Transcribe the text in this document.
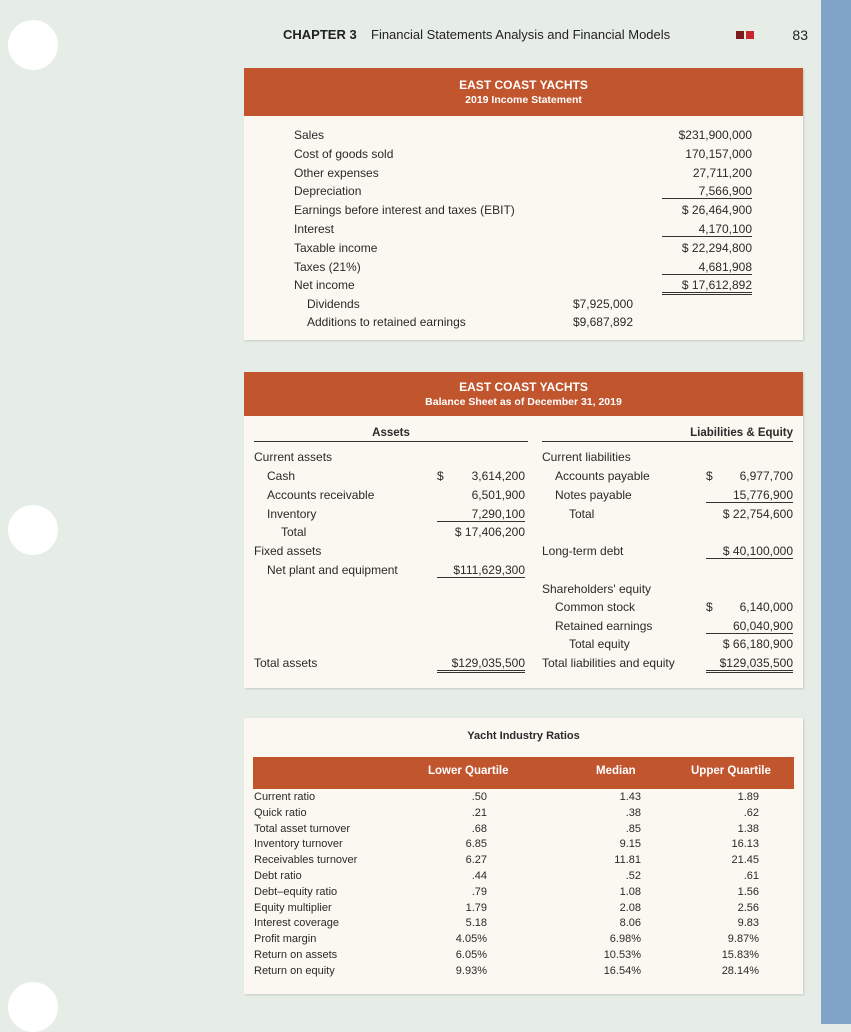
CHAPTER 3 Financial Statements Analysis and Financial Models	83
EAST COAST YACHTS
2019 Income Statement
Sales	$231,900,000
Cost of goods sold	170,157,000
Other expenses	27,711,200
Depreciation	7,566,900
Earnings before interest and taxes (EBIT)	$ 26,464,900
Interest	4,170,100
Taxable income	$ 22,294,800
Taxes (21%)	4,681,908
Net income	$ 17,612,892
Dividends	$7,925,000
Additions to retained earnings	$9,687,892
EAST COAST YACHTS
Balance Sheet as of December 31, 2019
Assets	Liabilities & Equity
Current assets
Cash	$	3,614,200
Accounts receivable	6,501,900
Inventory	7,290,100
Total	$ 17,406,200
Fixed assets
Net plant and equipment	$111,629,300
Total assets	$129,035,500
Current liabilities
Accounts payable	$	6,977,700
Notes payable	15,776,900
Total	$ 22,754,600
Long-term debt	$ 40,100,000
Shareholders' equity
Common stock	$	6,140,000
Retained earnings	60,040,900
Total equity	$ 66,180,900
Total liabilities and equity	$129,035,500
Yacht Industry Ratios
Lower Quartile	Median	Upper Quartile
Current ratio	.50	1.43	1.89
Quick ratio	.21	.38	.62
Total asset turnover	.68	.85	1.38
Inventory turnover	6.85	9.15	16.13
Receivables turnover	6.27	11.81	21.45
Debt ratio	.44	.52	.61
Debt–equity ratio	.79	1.08	1.56
Equity multiplier	1.79	2.08	2.56
Interest coverage	5.18	8.06	9.83
Profit margin	4.05%	6.98%	9.87%
Return on assets	6.05%	10.53%	15.83%
Return on equity	9.93%	16.54%	28.14%
